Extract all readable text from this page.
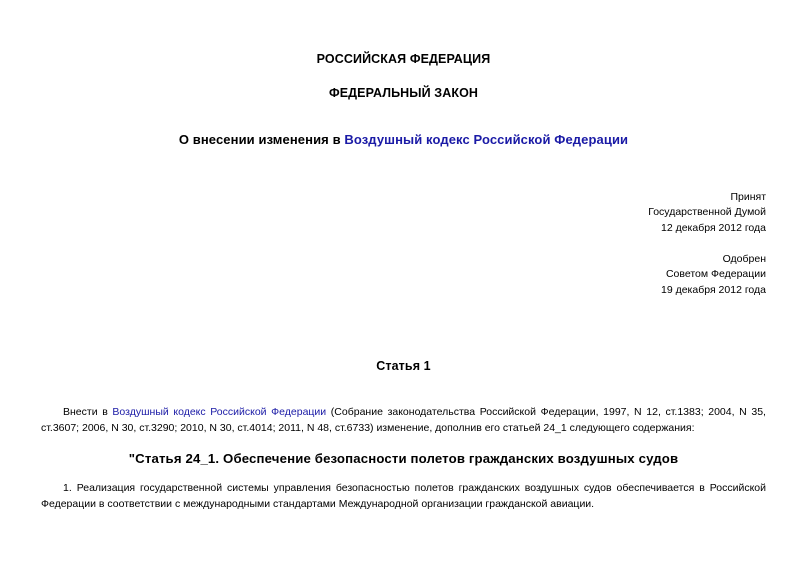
РОССИЙСКАЯ ФЕДЕРАЦИЯ
ФЕДЕРАЛЬНЫЙ ЗАКОН
О внесении изменения в Воздушный кодекс Российской Федерации
Принят
Государственной Думой
12 декабря 2012 года
Одобрен
Советом Федерации
19 декабря 2012 года
Статья 1
Внести в Воздушный кодекс Российской Федерации (Собрание законодательства Российской Федерации, 1997, N 12, ст.1383; 2004, N 35, ст.3607; 2006, N 30, ст.3290; 2010, N 30, ст.4014; 2011, N 48, ст.6733) изменение, дополнив его статьей 24_1 следующего содержания:
"Статья 24_1. Обеспечение безопасности полетов гражданских воздушных судов
1. Реализация государственной системы управления безопасностью полетов гражданских воздушных судов обеспечивается в Российской Федерации в соответствии с международными стандартами Международной организации гражданской авиации.
